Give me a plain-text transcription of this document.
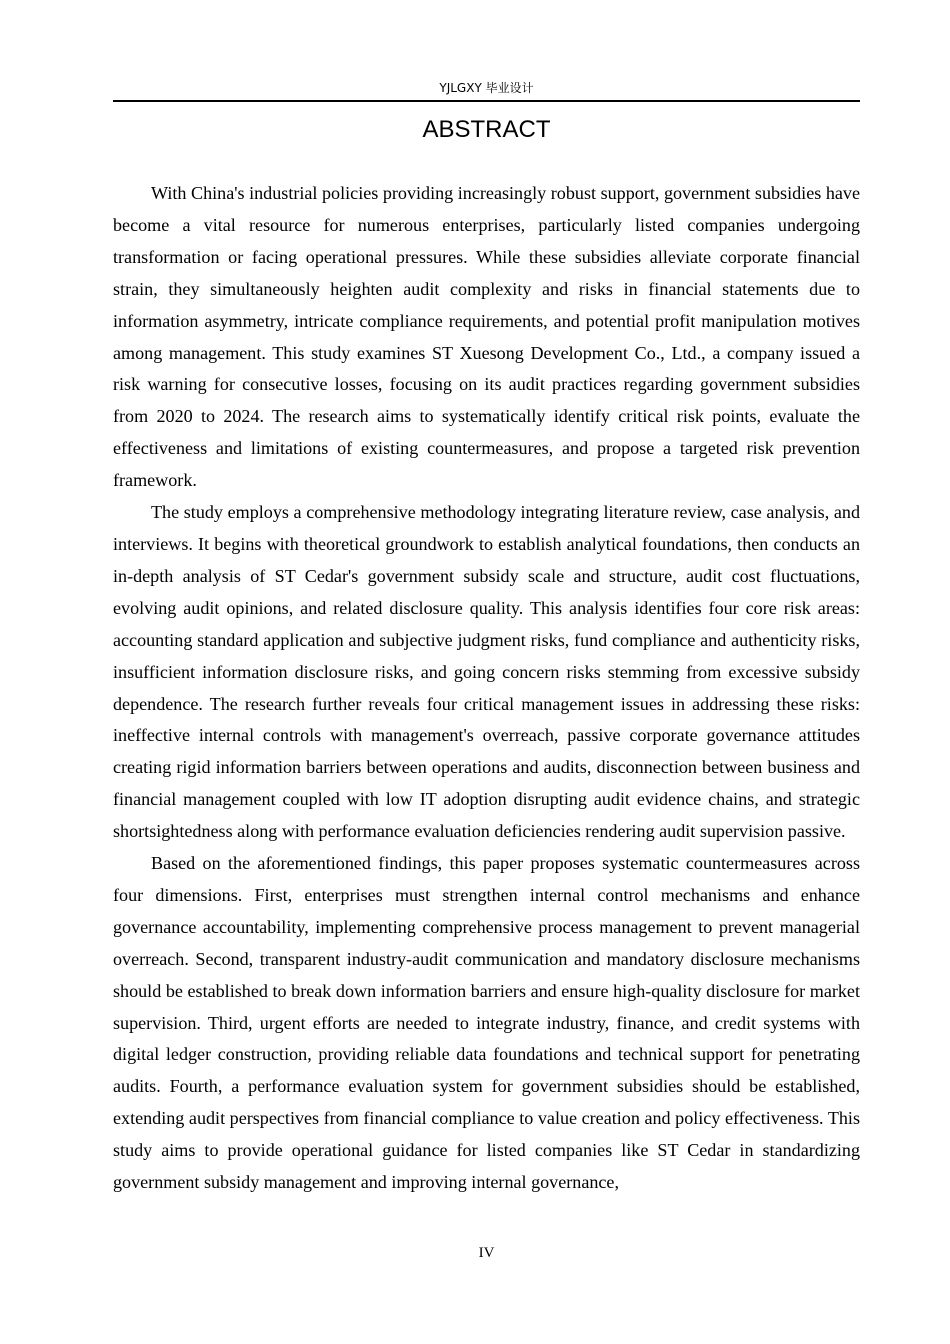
YJLGXY 毕业设计
ABSTRACT

With China's industrial policies providing increasingly robust support, government subsidies have become a vital resource for numerous enterprises, particularly listed companies undergoing transformation or facing operational pressures. While these subsidies alleviate corporate financial strain, they simultaneously heighten audit complexity and risks in financial statements due to information asymmetry, intricate compliance requirements, and potential profit manipulation motives among management. This study examines ST Xuesong Development Co., Ltd., a company issued a risk warning for consecutive losses, focusing on its audit practices regarding government subsidies from 2020 to 2024. The research aims to systematically identify critical risk points, evaluate the effectiveness and limitations of existing countermeasures, and propose a targeted risk prevention framework.

The study employs a comprehensive methodology integrating literature review, case analysis, and interviews. It begins with theoretical groundwork to establish analytical foundations, then conducts an in-depth analysis of ST Cedar's government subsidy scale and structure, audit cost fluctuations, evolving audit opinions, and related disclosure quality. This analysis identifies four core risk areas: accounting standard application and subjective judgment risks, fund compliance and authenticity risks, insufficient information disclosure risks, and going concern risks stemming from excessive subsidy dependence. The research further reveals four critical management issues in addressing these risks: ineffective internal controls with management's overreach, passive corporate governance attitudes creating rigid information barriers between operations and audits, disconnection between business and financial management coupled with low IT adoption disrupting audit evidence chains, and strategic shortsightedness along with performance evaluation deficiencies rendering audit supervision passive.

Based on the aforementioned findings, this paper proposes systematic countermeasures across four dimensions. First, enterprises must strengthen internal control mechanisms and enhance governance accountability, implementing comprehensive process management to prevent managerial overreach. Second, transparent industry-audit communication and mandatory disclosure mechanisms should be established to break down information barriers and ensure high-quality disclosure for market supervision. Third, urgent efforts are needed to integrate industry, finance, and credit systems with digital ledger construction, providing reliable data foundations and technical support for penetrating audits. Fourth, a performance evaluation system for government subsidies should be established, extending audit perspectives from financial compliance to value creation and policy effectiveness. This study aims to provide operational guidance for listed companies like ST Cedar in standardizing government subsidy management and improving internal governance,

IV
